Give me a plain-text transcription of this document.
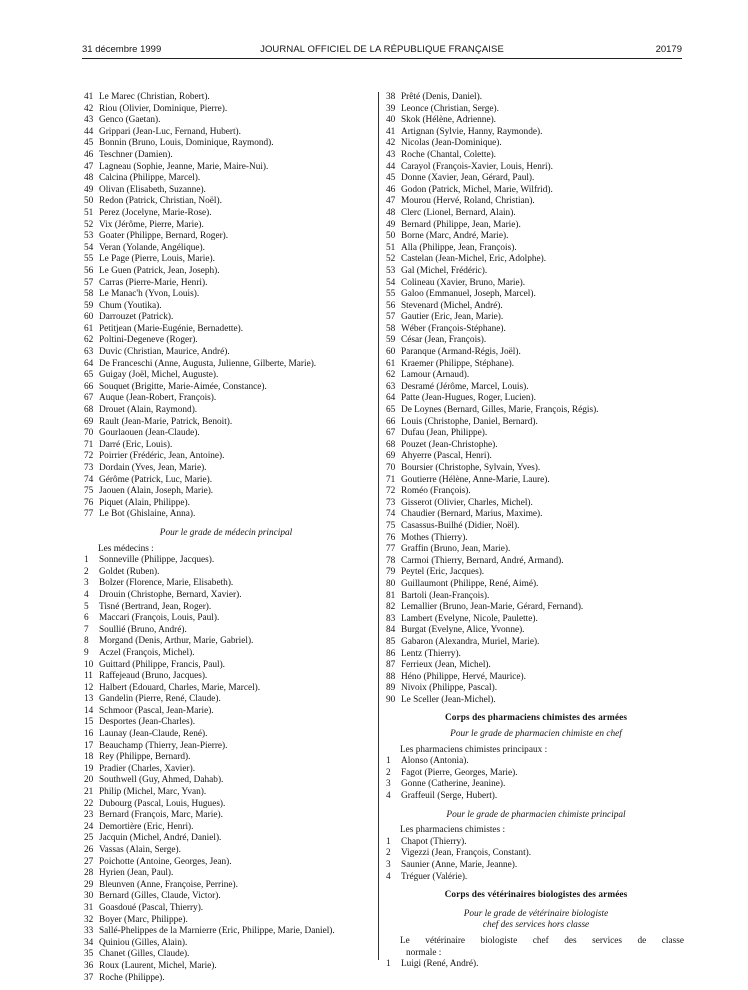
31 décembre 1999	JOURNAL OFFICIEL DE LA RÉPUBLIQUE FRANÇAISE	20179
41 Le Marec (Christian, Robert).
42 Riou (Olivier, Dominique, Pierre).
43 Genco (Gaetan).
44 Grippari (Jean-Luc, Fernand, Hubert).
45 Bonnin (Bruno, Louis, Dominique, Raymond).
46 Teschner (Damien).
47 Lagneau (Sophie, Jeanne, Marie, Maire-Nui).
48 Calcina (Philippe, Marcel).
49 Olivan (Elisabeth, Suzanne).
50 Redon (Patrick, Christian, Noël).
51 Perez (Jocelyne, Marie-Rose).
52 Vix (Jérôme, Pierre, Marie).
53 Goater (Philippe, Bernard, Roger).
54 Veran (Yolande, Angélique).
55 Le Page (Pierre, Louis, Marie).
56 Le Guen (Patrick, Jean, Joseph).
57 Carras (Pierre-Marie, Henri).
58 Le Manac'h (Yvon, Louis).
59 Chum (Youtika).
60 Darrouzet (Patrick).
61 Petitjean (Marie-Eugénie, Bernadette).
62 Poltini-Degeneve (Roger).
63 Duvic (Christian, Maurice, André).
64 De Franceschi (Anne, Augusta, Julienne, Gilberte, Marie).
65 Guigay (Joël, Michel, Auguste).
66 Souquet (Brigitte, Marie-Aimée, Constance).
67 Auque (Jean-Robert, François).
68 Drouet (Alain, Raymond).
69 Rault (Jean-Marie, Patrick, Benoit).
70 Gourlaouen (Jean-Claude).
71 Darré (Eric, Louis).
72 Poirrier (Frédéric, Jean, Antoine).
73 Dordain (Yves, Jean, Marie).
74 Gérôme (Patrick, Luc, Marie).
75 Jaouen (Alain, Joseph, Marie).
76 Piquet (Alain, Philippe).
77 Le Bot (Ghislaine, Anna).
Pour le grade de médecin principal
Les médecins :
1	Sonneville (Philippe, Jacques).
2	Goldet (Ruben).
3	Bolzer (Florence, Marie, Elisabeth).
4	Drouin (Christophe, Bernard, Xavier).
5	Tisné (Bertrand, Jean, Roger).
6	Maccari (François, Louis, Paul).
7	Soullié (Bruno, André).
8	Morgand (Denis, Arthur, Marie, Gabriel).
9	Aczel (François, Michel).
10 Guittard (Philippe, Francis, Paul).
11 Raffejeaud (Bruno, Jacques).
12 Halbert (Edouard, Charles, Marie, Marcel).
13 Gandelin (Pierre, René, Claude).
14 Schmoor (Pascal, Jean-Marie).
15 Desportes (Jean-Charles).
16 Launay (Jean-Claude, René).
17 Beauchamp (Thierry, Jean-Pierre).
18 Rey (Philippe, Bernard).
19 Pradier (Charles, Xavier).
20 Southwell (Guy, Ahmed, Dahab).
21 Philip (Michel, Marc, Yvan).
22 Dubourg (Pascal, Louis, Hugues).
23 Bernard (François, Marc, Marie).
24 Demortière (Eric, Henri).
25 Jacquin (Michel, André, Daniel).
26 Vassas (Alain, Serge).
27 Poichotte (Antoine, Georges, Jean).
28 Hyrien (Jean, Paul).
29 Bleunven (Anne, Françoise, Perrine).
30 Bernard (Gilles, Claude, Victor).
31 Goasdoué (Pascal, Thierry).
32 Boyer (Marc, Philippe).
33 Sallé-Phelippes de la Marnierre (Eric, Philippe, Marie, Daniel).
34 Quiniou (Gilles, Alain).
35 Chanet (Gilles, Claude).
36 Roux (Laurent, Michel, Marie).
37 Roche (Philippe).
38 Prêté (Denis, Daniel).
39 Leonce (Christian, Serge).
40 Skok (Hélène, Adrienne).
41 Artignan (Sylvie, Hanny, Raymonde).
42 Nicolas (Jean-Dominique).
43 Roche (Chantal, Colette).
44 Carayol (François-Xavier, Louis, Henri).
45 Donne (Xavier, Jean, Gérard, Paul).
46 Godon (Patrick, Michel, Marie, Wilfrid).
47 Mourou (Hervé, Roland, Christian).
48 Clerc (Lionel, Bernard, Alain).
49 Bernard (Philippe, Jean, Marie).
50 Borne (Marc, André, Marie).
51 Alla (Philippe, Jean, François).
52 Castelan (Jean-Michel, Eric, Adolphe).
53 Gal (Michel, Frédéric).
54 Colineau (Xavier, Bruno, Marie).
55 Galoo (Emmanuel, Joseph, Marcel).
56 Stevenard (Michel, André).
57 Gautier (Eric, Jean, Marie).
58 Wéber (François-Stéphane).
59 César (Jean, François).
60 Paranque (Armand-Régis, Joël).
61 Kraemer (Philippe, Stéphane).
62 Lamour (Arnaud).
63 Desramé (Jérôme, Marcel, Louis).
64 Patte (Jean-Hugues, Roger, Lucien).
65 De Loynes (Bernard, Gilles, Marie, François, Régis).
66 Louis (Christophe, Daniel, Bernard).
67 Dufau (Jean, Philippe).
68 Pouzet (Jean-Christophe).
69 Ahyerre (Pascal, Henri).
70 Boursier (Christophe, Sylvain, Yves).
71 Goutierre (Hélène, Anne-Marie, Laure).
72 Roméo (François).
73 Gisserot (Olivier, Charles, Michel).
74 Chaudier (Bernard, Marius, Maxime).
75 Casassus-Builhé (Didier, Noël).
76 Mothes (Thierry).
77 Graffin (Bruno, Jean, Marie).
78 Carmoi (Thierry, Bernard, André, Armand).
79 Peytel (Eric, Jacques).
80 Guillaumont (Philippe, René, Aimé).
81 Bartoli (Jean-François).
82 Lemallier (Bruno, Jean-Marie, Gérard, Fernand).
83 Lambert (Evelyne, Nicole, Paulette).
84 Burgat (Evelyne, Alice, Yvonne).
85 Gabaron (Alexandra, Muriel, Marie).
86 Lentz (Thierry).
87 Ferrieux (Jean, Michel).
88 Héno (Philippe, Hervé, Maurice).
89 Nivoix (Philippe, Pascal).
90 Le Sceller (Jean-Michel).
Corps des pharmaciens chimistes des armées
Pour le grade de pharmacien chimiste en chef
Les pharmaciens chimistes principaux :
1	Alonso (Antonia).
2	Fagot (Pierre, Georges, Marie).
3	Gonne (Catherine, Jeanine).
4	Graffeuil (Serge, Hubert).
Pour le grade de pharmacien chimiste principal
Les pharmaciens chimistes :
1	Chapot (Thierry).
2	Vigezzi (Jean, François, Constant).
3	Saunier (Anne, Marie, Jeanne).
4	Tréguer (Valérie).
Corps des vétérinaires biologistes des armées
Pour le grade de vétérinaire biologiste
chef des services hors classe
Le vétérinaire biologiste chef des services de classe
normale :
1	Luigi (René, André).
